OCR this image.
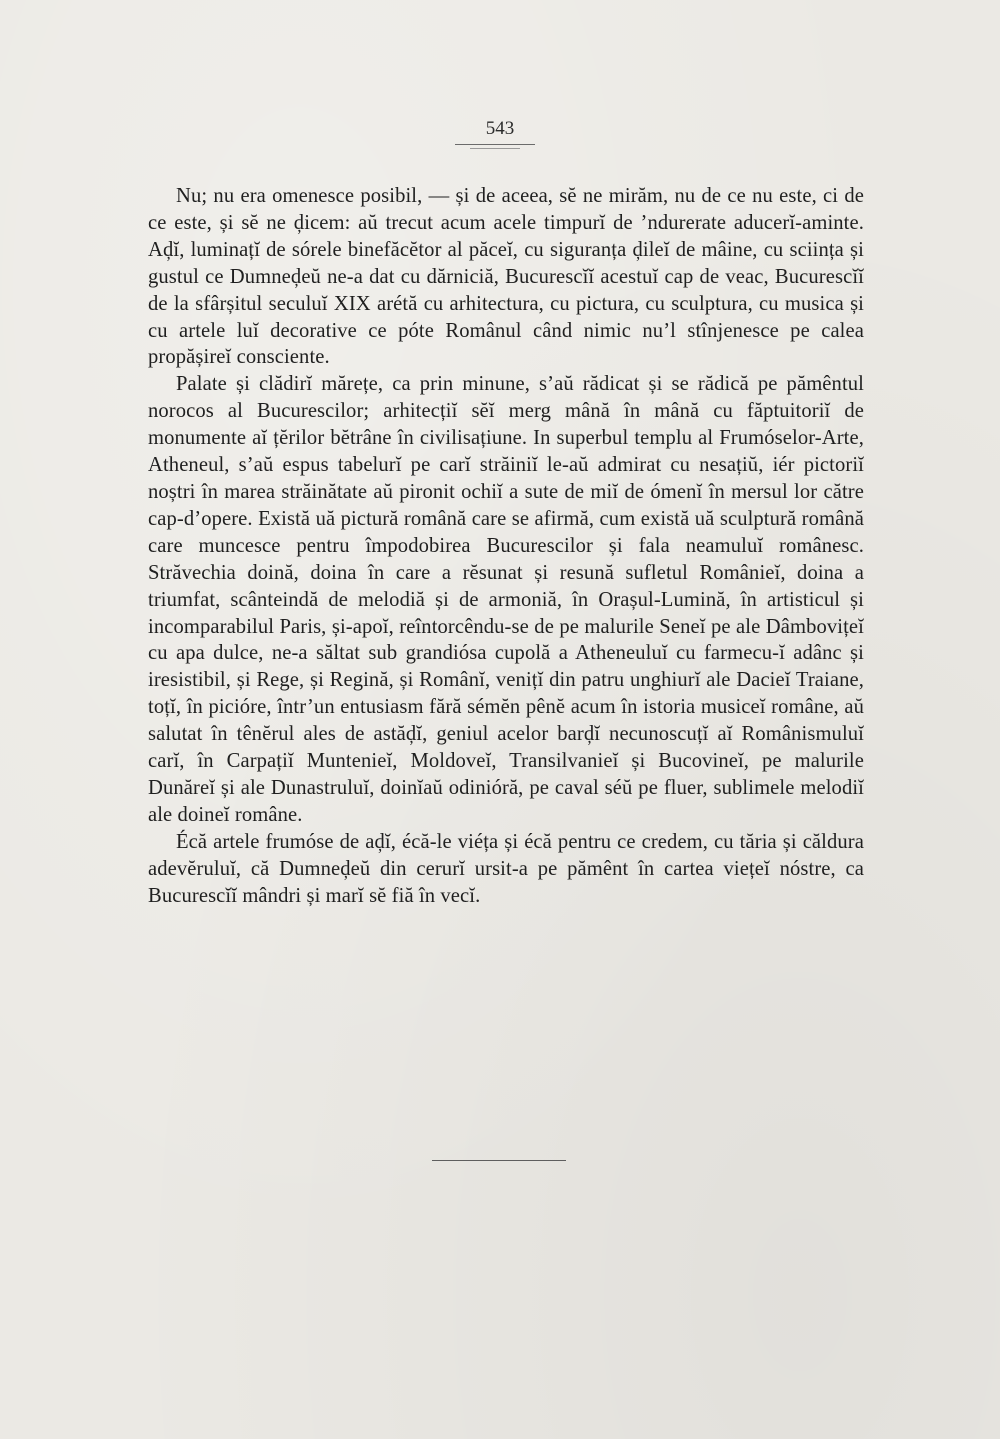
543

Nu; nu era omenesce posibil, — și de aceea, sĕ ne mirăm, nu de ce nu este, ci de ce este, și sĕ ne ḑicem: aŭ trecut acum acele timpurĭ de ’ndurerate aducerĭ-aminte. Aḑĭ, luminațĭ de sórele binefăcĕtor al păceĭ, cu siguranța ḑileĭ de mâine, cu sciința și gustul ce Dumneḑeŭ ne-a dat cu dărniciă, Bucurescĭĭ acestuĭ cap de veac, Bucurescĭĭ de la sfârșitul seculuĭ XIX arétă cu arhitectura, cu pictura, cu sculptura, cu musica și cu artele luĭ decorative ce póte Românul când nimic nu’l stînjenesce pe calea propășireĭ consciente.

Palate și clădirĭ mărețe, ca prin minune, s’aŭ rădicat și se rădică pe pămêntul norocos al Bucurescilor; arhitecțiĭ sĕĭ merg mână în mână cu făptuitoriĭ de monumente aĭ țĕrilor bĕtrâne în civilisațiune. In superbul templu al Frumóselor-Arte, Atheneul, s’aŭ espus tabelurĭ pe carĭ străiniĭ le-aŭ admirat cu nesațiŭ, iér pictoriĭ noștri în marea străinătate aŭ pironit ochiĭ a sute de miĭ de ómenĭ în mersul lor către cap-d’opere. Există uă pictură română care se afirmă, cum există uă sculptură română care muncesce pentru împodobirea Bucurescilor și fala neamuluĭ românesc. Străvechia doină, doina în care a rĕsunat și resună sufletul Românieĭ, doina a triumfat, scânteindă de melodiă și de armoniă, în Orașul-Lumină, în artisticul și incomparabilul Paris, și-apoĭ, reîntorcêndu-se de pe malurile Seneĭ pe ale Dâmbovițeĭ cu apa dulce, ne-a săltat sub grandiósa cupolă a Atheneuluĭ cu farmecu-ĭ adânc și iresistibil, și Rege, și Regină, și Românĭ, venițĭ din patru unghiurĭ ale Dacieĭ Traiane, toțĭ, în picióre, într’un entusiasm fără sémĕn pênĕ acum în istoria musiceĭ române, aŭ salutat în tênĕrul ales de astăḑĭ, geniul acelor barḑĭ necunoscuțĭ aĭ Românismuluĭ carĭ, în Carpațiĭ Munteniеĭ, Moldoveĭ, Transilvanieĭ și Bucovineĭ, pe malurile Dunăreĭ și ale Dunastruluĭ, doinĭaŭ odinióră, pe caval séŭ pe fluer, sublimele melodiĭ ale doineĭ române.

Écă artele frumóse de aḑĭ, écă-le viéța și écă pentru ce credem, cu tăria și căldura adevĕruluĭ, că Dumneḑeŭ din cerurĭ ursit-a pe pămênt în cartea viețeĭ nóstre, ca Bucurescĭĭ mândri și marĭ sĕ fiă în vecĭ.
